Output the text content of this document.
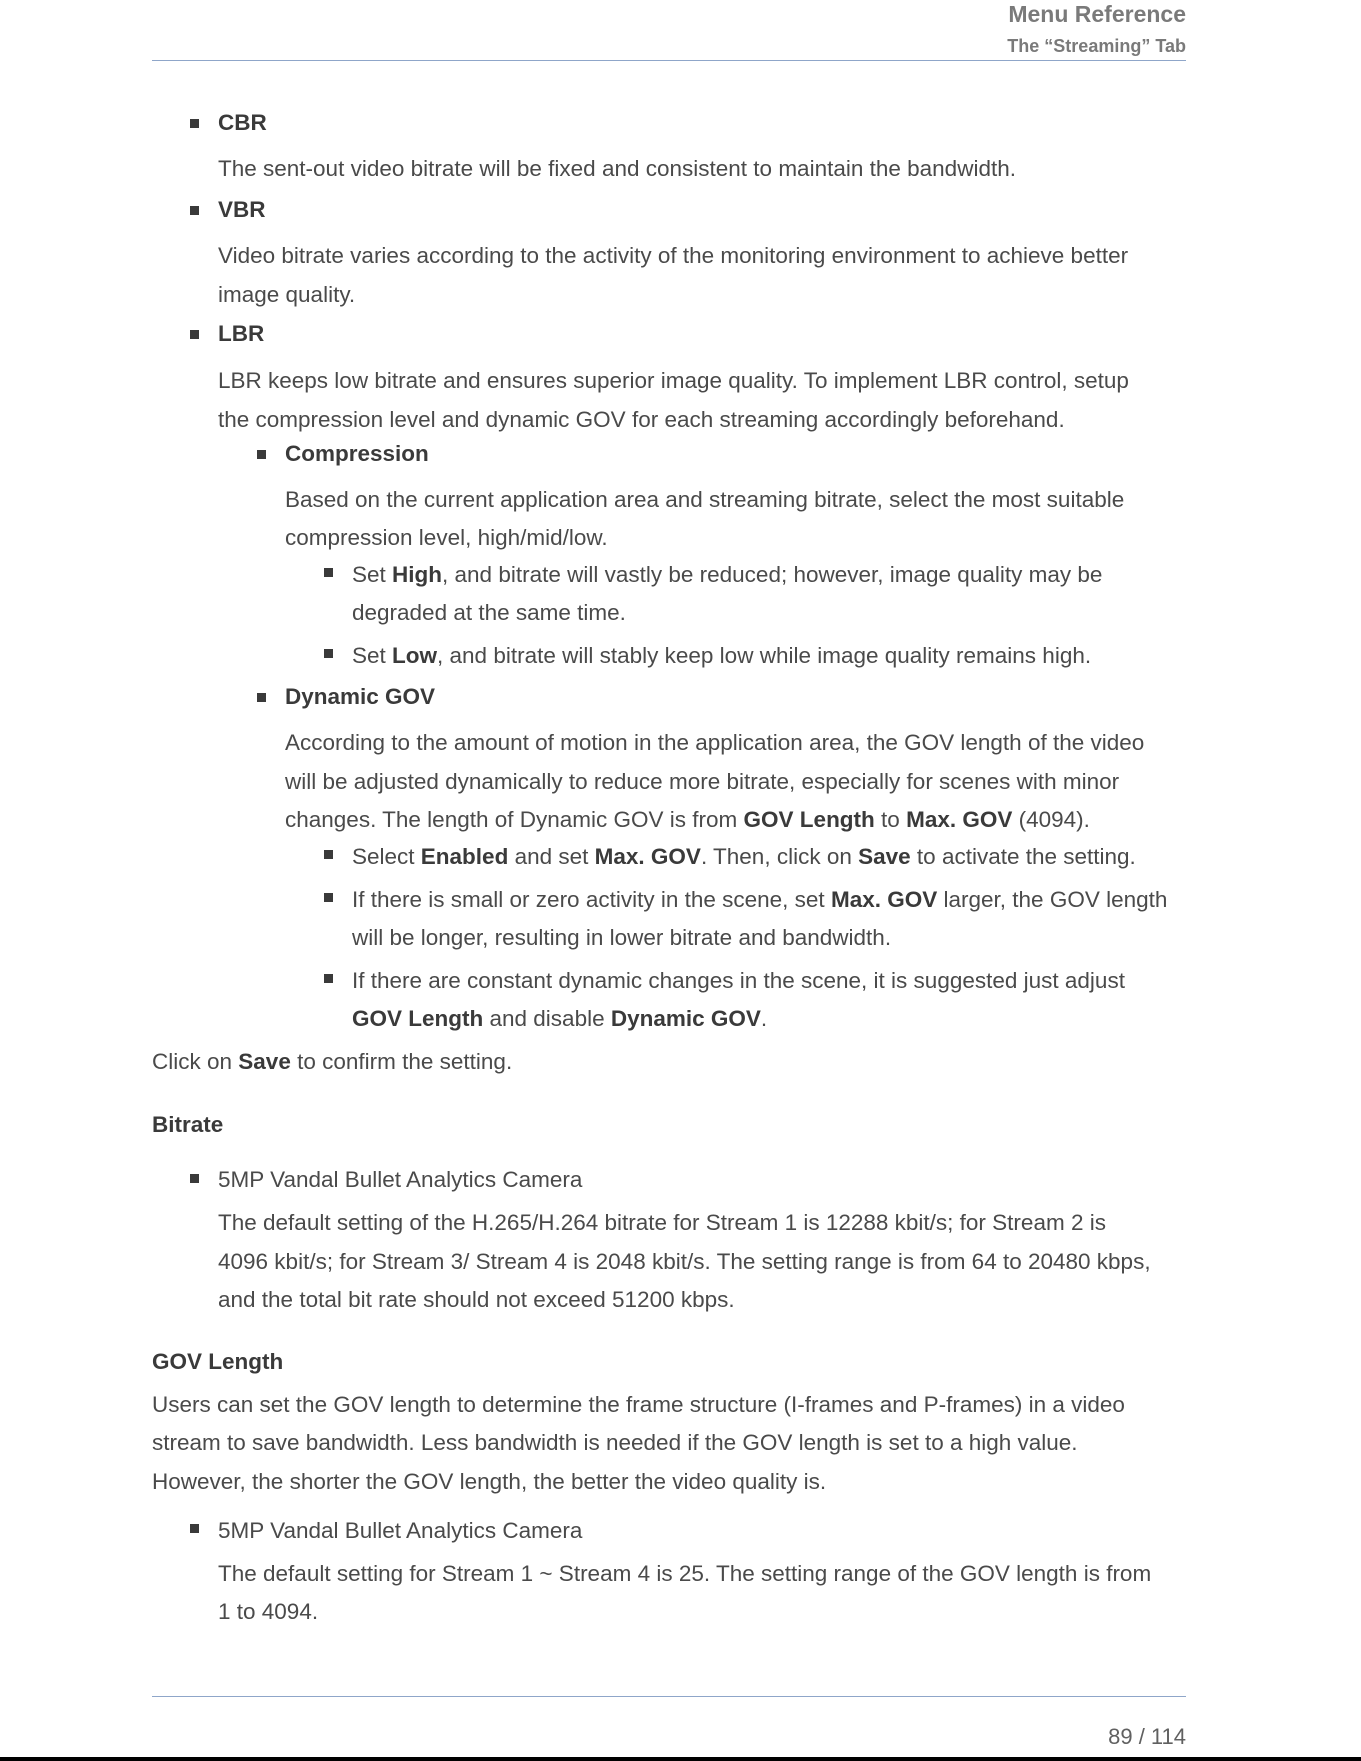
Menu Reference
The “Streaming” Tab
CBR
The sent-out video bitrate will be fixed and consistent to maintain the bandwidth.
VBR
Video bitrate varies according to the activity of the monitoring environment to achieve better
image quality.
LBR
LBR keeps low bitrate and ensures superior image quality. To implement LBR control, setup
the compression level and dynamic GOV for each streaming accordingly beforehand.
Compression
Based on the current application area and streaming bitrate, select the most suitable
compression level, high/mid/low.
Set High, and bitrate will vastly be reduced; however, image quality may be
degraded at the same time.
Set Low, and bitrate will stably keep low while image quality remains high.
Dynamic GOV
According to the amount of motion in the application area, the GOV length of the video
will be adjusted dynamically to reduce more bitrate, especially for scenes with minor
changes. The length of Dynamic GOV is from GOV Length to Max. GOV (4094).
Select Enabled and set Max. GOV. Then, click on Save to activate the setting.
If there is small or zero activity in the scene, set Max. GOV larger, the GOV length
will be longer, resulting in lower bitrate and bandwidth.
If there are constant dynamic changes in the scene, it is suggested just adjust
GOV Length and disable Dynamic GOV.
Click on Save to confirm the setting.
Bitrate
5MP Vandal Bullet Analytics Camera
The default setting of the H.265/H.264 bitrate for Stream 1 is 12288 kbit/s; for Stream 2 is
4096 kbit/s; for Stream 3/ Stream 4 is 2048 kbit/s. The setting range is from 64 to 20480 kbps,
and the total bit rate should not exceed 51200 kbps.
GOV Length
Users can set the GOV length to determine the frame structure (I-frames and P-frames) in a video
stream to save bandwidth. Less bandwidth is needed if the GOV length is set to a high value.
However, the shorter the GOV length, the better the video quality is.
5MP Vandal Bullet Analytics Camera
The default setting for Stream 1 ~ Stream 4 is 25. The setting range of the GOV length is from
1 to 4094.
89 / 114
